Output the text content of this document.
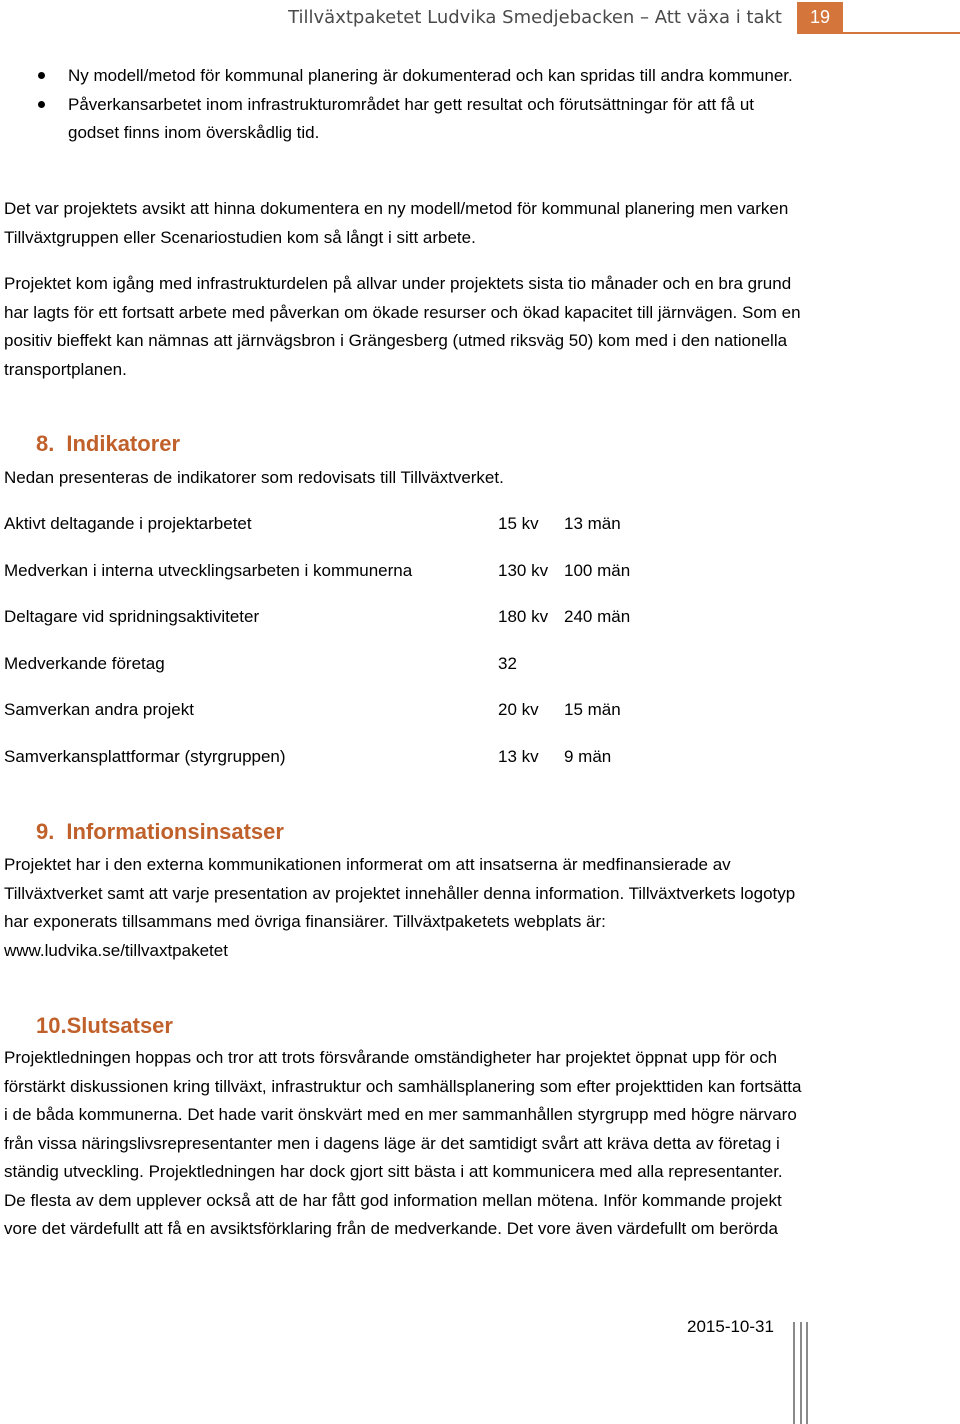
Tillväxtpaketet Ludvika Smedjebacken – Att växa i takt	19
Ny modell/metod för kommunal planering är dokumenterad och kan spridas till andra kommuner.
Påverkansarbetet inom infrastrukturområdet har gett resultat och förutsättningar för att få ut godset finns inom överskådlig tid.
Det var projektets avsikt att hinna dokumentera en ny modell/metod för kommunal planering men varken Tillväxtgruppen eller Scenariostudien kom så långt i sitt arbete.
Projektet kom igång med infrastrukturdelen på allvar under projektets sista tio månader och en bra grund har lagts för ett fortsatt arbete med påverkan om ökade resurser och ökad kapacitet till järnvägen. Som en positiv bieffekt kan nämnas att järnvägsbron i Grängesberg (utmed riksväg 50) kom med i den nationella transportplanen.
8. Indikatorer
Nedan presenteras de indikatorer som redovisats till Tillväxtverket.
Aktivt deltagande i projektarbetet	15 kv 13 män
Medverkan i interna utvecklingsarbeten i kommunerna	130 kv 100 män
Deltagare vid spridningsaktiviteter	180 kv 240 män
Medverkande företag	32
Samverkan andra projekt	20 kv 15 män
Samverkansplattformar (styrgruppen)	13 kv 9 män
9. Informationsinsatser
Projektet har i den externa kommunikationen informerat om att insatserna är medfinansierade av Tillväxtverket samt att varje presentation av projektet innehåller denna information. Tillväxtverkets logotyp har exponerats tillsammans med övriga finansiärer. Tillväxtpaketets webplats är: www.ludvika.se/tillvaxtpaketet
10.Slutsatser
Projektledningen hoppas och tror att trots försvårande omständigheter har projektet öppnat upp för och förstärkt diskussionen kring tillväxt, infrastruktur och samhällsplanering som efter projekttiden kan fortsätta i de båda kommunerna. Det hade varit önskvärt med en mer sammanhållen styrgrupp med högre närvaro från vissa näringslivsrepresentanter men i dagens läge är det samtidigt svårt att kräva detta av företag i ständig utveckling. Projektledningen har dock gjort sitt bästa i att kommunicera med alla representanter. De flesta av dem upplever också att de har fått god information mellan mötena. Inför kommande projekt vore det värdefullt att få en avsiktsförklaring från de medverkande. Det vore även värdefullt om berörda
2015-10-31
